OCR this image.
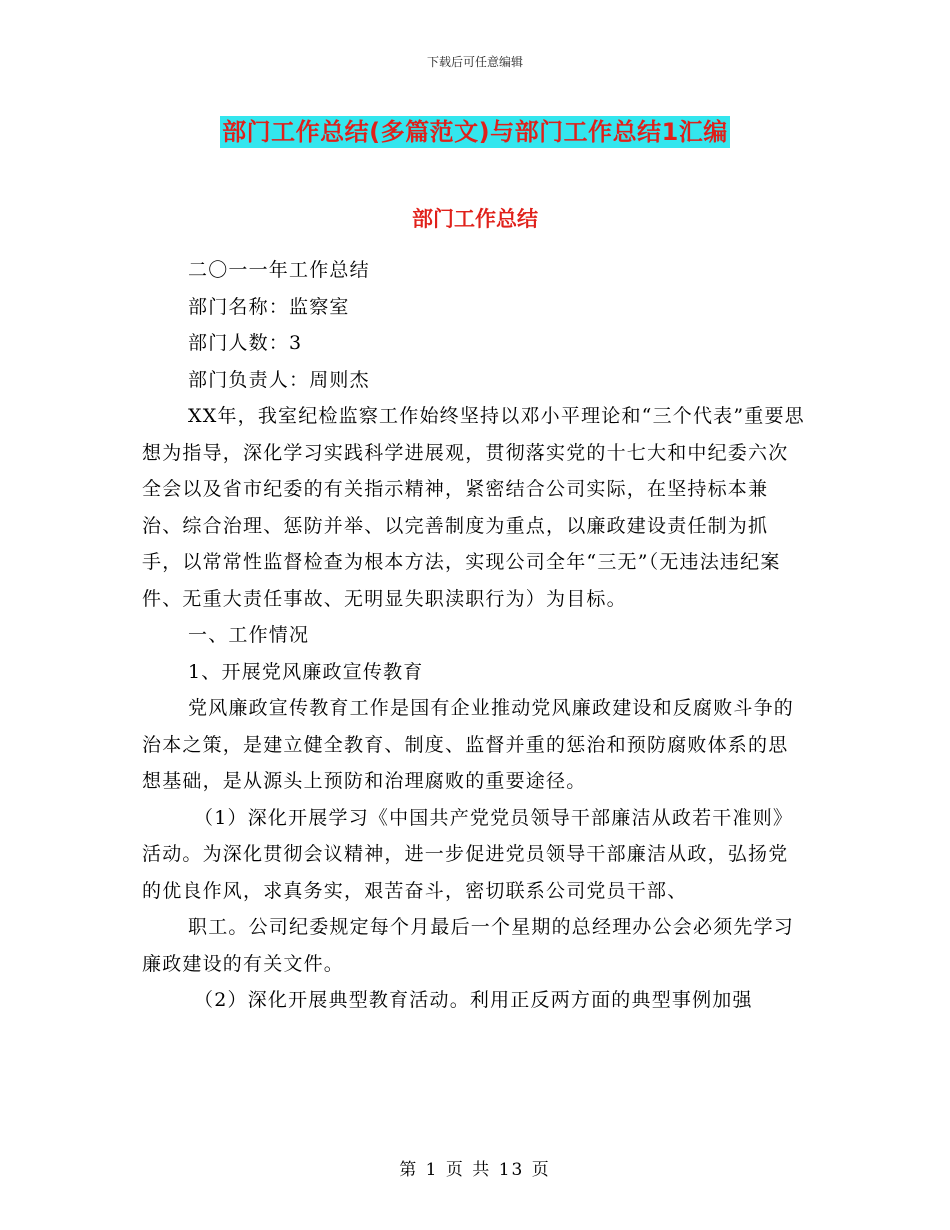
下载后可任意编辑
部门工作总结(多篇范文)与部门工作总结1汇编
部门工作总结

二〇一一年工作总结

部门名称：监察室

部门人数：3

部门负责人：周则杰

XX年，我室纪检监察工作始终坚持以邓小平理论和“三个代表”重要思想为指导，深化学习实践科学进展观，贯彻落实党的十七大和中纪委六次全会以及省市纪委的有关指示精神，紧密结合公司实际，在坚持标本兼治、综合治理、惩防并举、以完善制度为重点，以廉政建设责任制为抓手，以常常性监督检查为根本方法，实现公司全年“三无”（无违法违纪案件、无重大责任事故、无明显失职渎职行为）为目标。

一、工作情况

1、开展党风廉政宣传教育

党风廉政宣传教育工作是国有企业推动党风廉政建设和反腐败斗争的治本之策，是建立健全教育、制度、监督并重的惩治和预防腐败体系的思想基础，是从源头上预防和治理腐败的重要途径。

（1）深化开展学习《中国共产党党员领导干部廉洁从政若干准则》活动。为深化贯彻会议精神，进一步促进党员领导干部廉洁从政，弘扬党的优良作风，求真务实，艰苦奋斗，密切联系公司党员干部、

职工。公司纪委规定每个月最后一个星期的总经理办公会必须先学习廉政建设的有关文件。

（2）深化开展典型教育活动。利用正反两方面的典型事例加强

第 1 页 共 13 页
